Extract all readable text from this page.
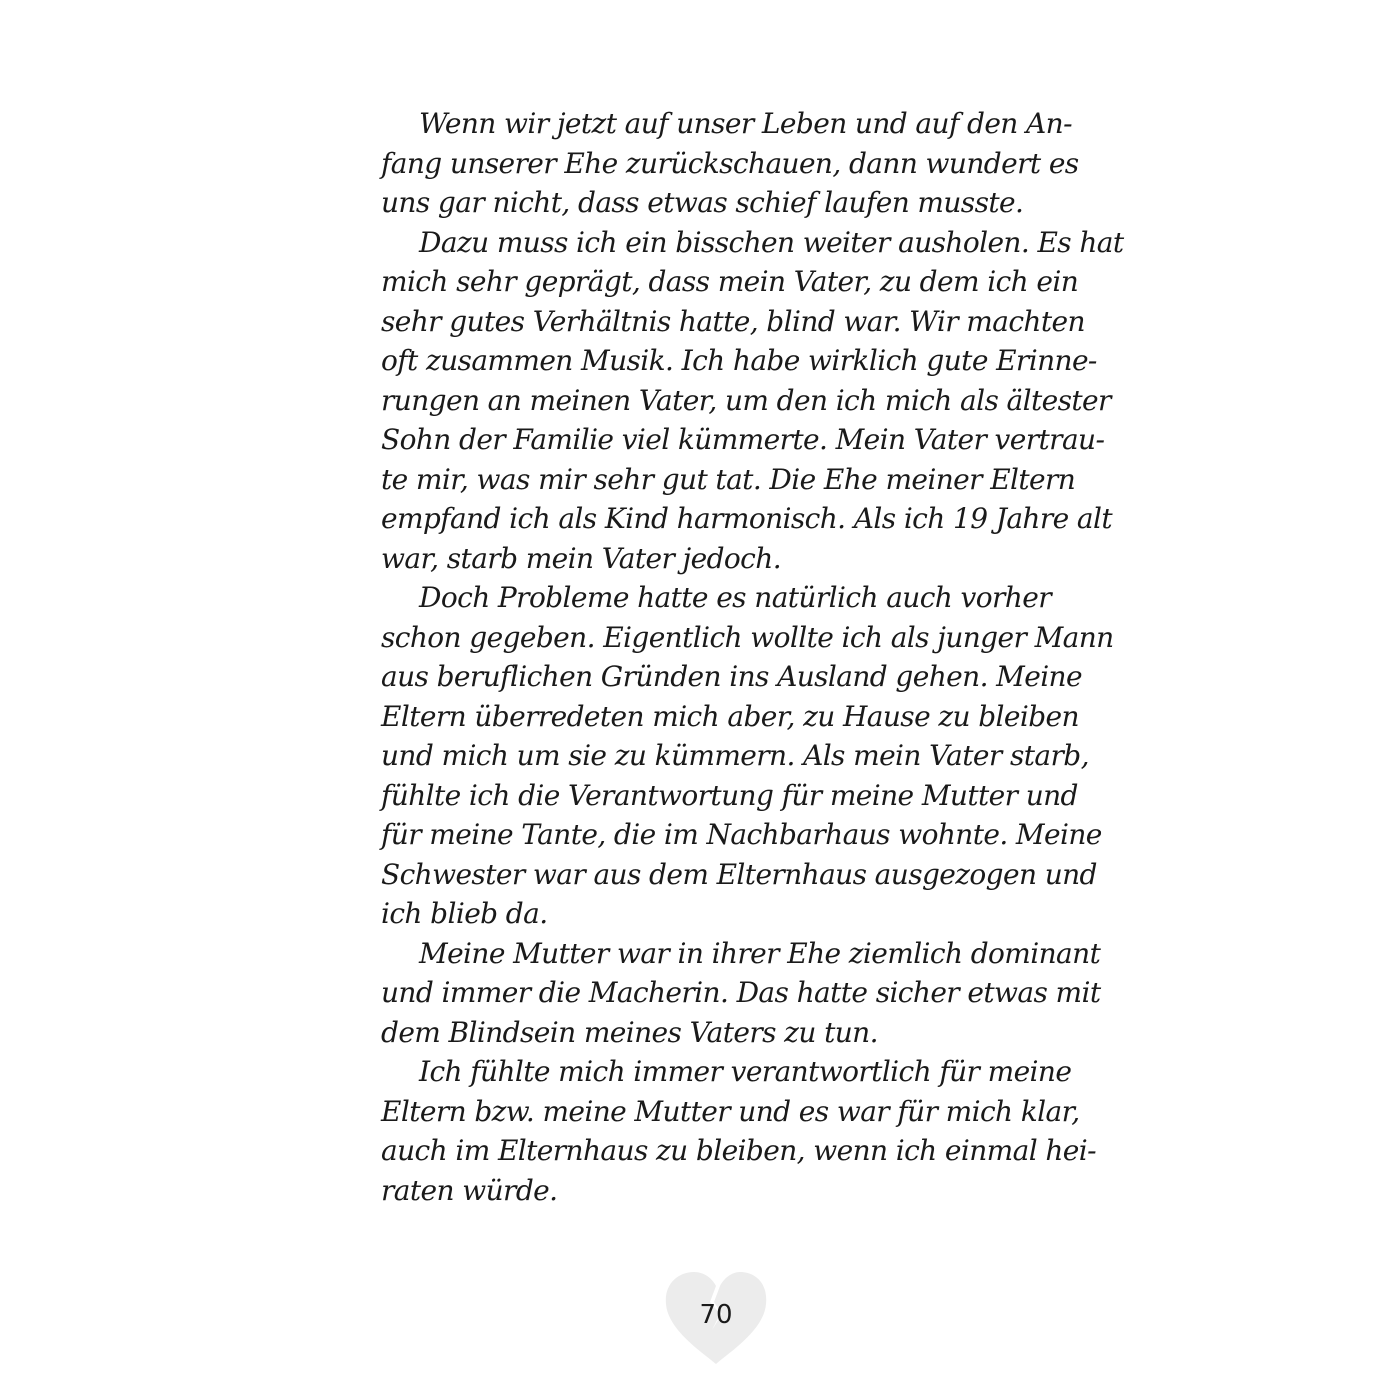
Wenn wir jetzt auf unser Leben und auf den An-
fang unserer Ehe zurückschauen, dann wundert es
uns gar nicht, dass etwas schief laufen musste.

Dazu muss ich ein bisschen weiter ausholen. Es hat
mich sehr geprägt, dass mein Vater, zu dem ich ein
sehr gutes Verhältnis hatte, blind war. Wir machten
oft zusammen Musik. Ich habe wirklich gute Erinne-
rungen an meinen Vater, um den ich mich als ältester
Sohn der Familie viel kümmerte. Mein Vater vertrau-
te mir, was mir sehr gut tat. Die Ehe meiner Eltern
empfand ich als Kind harmonisch. Als ich 19 Jahre alt
war, starb mein Vater jedoch.

Doch Probleme hatte es natürlich auch vorher
schon gegeben. Eigentlich wollte ich als junger Mann
aus beruflichen Gründen ins Ausland gehen. Meine
Eltern überredeten mich aber, zu Hause zu bleiben
und mich um sie zu kümmern. Als mein Vater starb,
fühlte ich die Verantwortung für meine Mutter und
für meine Tante, die im Nachbarhaus wohnte. Meine
Schwester war aus dem Elternhaus ausgezogen und
ich blieb da.

Meine Mutter war in ihrer Ehe ziemlich dominant
und immer die Macherin. Das hatte sicher etwas mit
dem Blindsein meines Vaters zu tun.

Ich fühlte mich immer verantwortlich für meine
Eltern bzw. meine Mutter und es war für mich klar,
auch im Elternhaus zu bleiben, wenn ich einmal hei-
raten würde.

70
